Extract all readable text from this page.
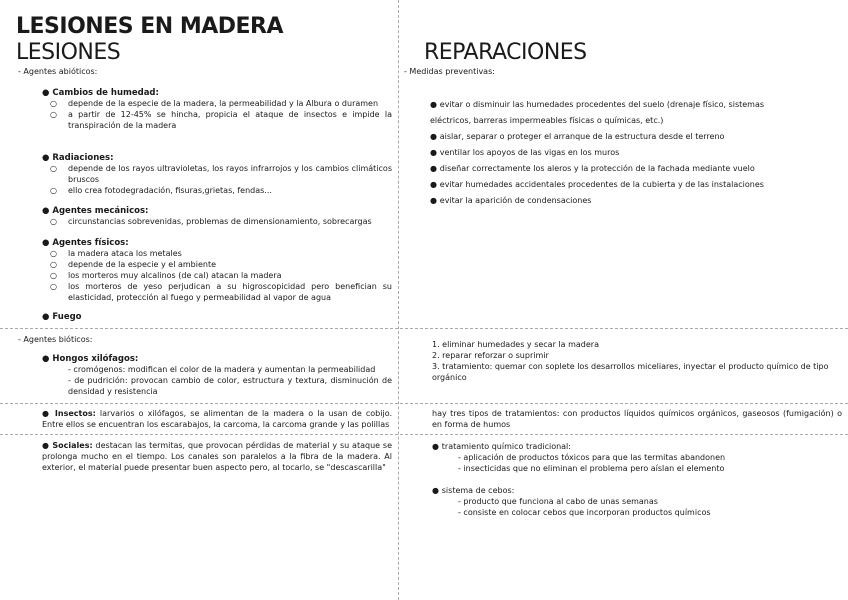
LESIONES EN MADERA
LESIONES	REPARACIONES
- Agentes abióticos:
● Cambios de humedad:
○ depende de la especie de la madera, la permeabilidad y la Albura o duramen
○ a partir de 12-45% se hincha, propicia el ataque de insectos e impide la transpiración de la madera
● Radiaciones:
○ depende de los rayos ultravioletas, los rayos infrarrojos y los cambios climáticos bruscos
○ ello crea fotodegradación, fisuras,grietas, fendas...
● Agentes mecánicos:
○ circunstancias sobrevenidas, problemas de dimensionamiento, sobrecargas
● Agentes físicos:
○ la madera ataca los metales
○ depende de la especie y el ambiente
○ los morteros muy alcalinos (de cal) atacan la madera
○ los morteros de yeso perjudican a su higroscopicidad pero benefician su elasticidad, protección al fuego y permeabilidad al vapor de agua
● Fuego
- Agentes bióticos:
● Hongos xilófagos:
- cromógenos: modifican el color de la madera y aumentan la permeabilidad
- de pudrición: provocan cambio de color, estructura y textura, disminución de densidad y resistencia
● Insectos: larvarios o xilófagos, se alimentan de la madera o la usan de cobijo. Entre ellos se encuentran los escarabajos, la carcoma, la carcoma grande y las polillas
● Sociales: destacan las termitas, que provocan pérdidas de material y su ataque se prolonga mucho en el tiempo. Los canales son paralelos a la fibra de la madera. Al exterior, el material puede presentar buen aspecto pero, al tocarlo, se "descascarilla"
- Medidas preventivas:
● evitar o disminuir las humedades procedentes del suelo (drenaje físico, sistemas eléctricos, barreras impermeables físicas o químicas, etc.)
● aislar, separar o proteger el arranque de la estructura desde el terreno
● ventilar los apoyos de las vigas en los muros
● diseñar correctamente los aleros y la protección de la fachada mediante vuelo
● evitar humedades accidentales procedentes de la cubierta y de las instalaciones
● evitar la aparición de condensaciones
1. eliminar humedades y secar la madera
2. reparar reforzar o suprimir
3. tratamiento: quemar con soplete los desarrollos miceliares, inyectar el producto químico de tipo orgánico
hay tres tipos de tratamientos: con productos líquidos químicos orgánicos, gaseosos (fumigación) o en forma de humos
● tratamiento químico tradicional:
- aplicación de productos tóxicos para que las termitas abandonen
- insecticidas que no eliminan el problema pero aíslan el elemento
● sistema de cebos:
- producto que funciona al cabo de unas semanas
- consiste en colocar cebos que incorporan productos químicos
